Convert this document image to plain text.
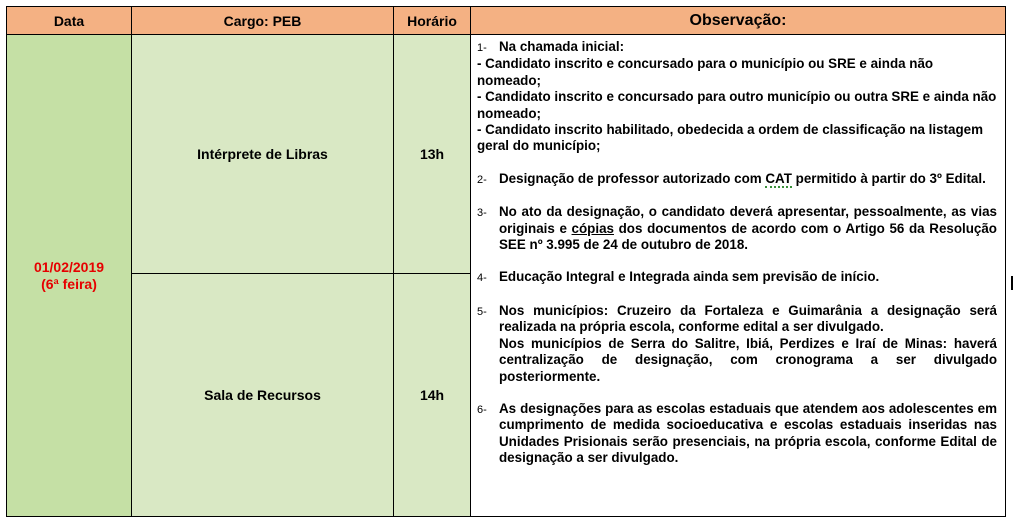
Data	Cargo: PEB	Horário	Observação:
01/02/2019
(6ª feira)
Intérprete de Libras	13h
Sala de Recursos	14h

1- Na chamada inicial:

- Candidato inscrito e concursado para o município ou SRE e ainda não nomeado;

- Candidato inscrito e concursado para outro município ou outra SRE e ainda não nomeado;

- Candidato inscrito habilitado, obedecida a ordem de classificação na listagem geral do município;

2- Designação de professor autorizado com CAT permitido à partir do 3º Edital.
3- No ato da designação, o candidato deverá apresentar, pessoalmente, as vias originais e cópias dos documentos de acordo com o Artigo 56 da Resolução SEE nº 3.995 de 24 de outubro de 2018.
4- Educação Integral e Integrada ainda sem previsão de início.
5- Nos municípios: Cruzeiro da Fortaleza e Guimarânia a designação será realizada na própria escola, conforme edital a ser divulgado.
Nos municípios de Serra do Salitre, Ibiá, Perdizes e Iraí de Minas: haverá centralização de designação, com cronograma a ser divulgado posteriormente.
6- As designações para as escolas estaduais que atendem aos adolescentes em cumprimento de medida socioeducativa e escolas estaduais inseridas nas Unidades Prisionais serão presenciais, na própria escola, conforme Edital de designação a ser divulgado.
